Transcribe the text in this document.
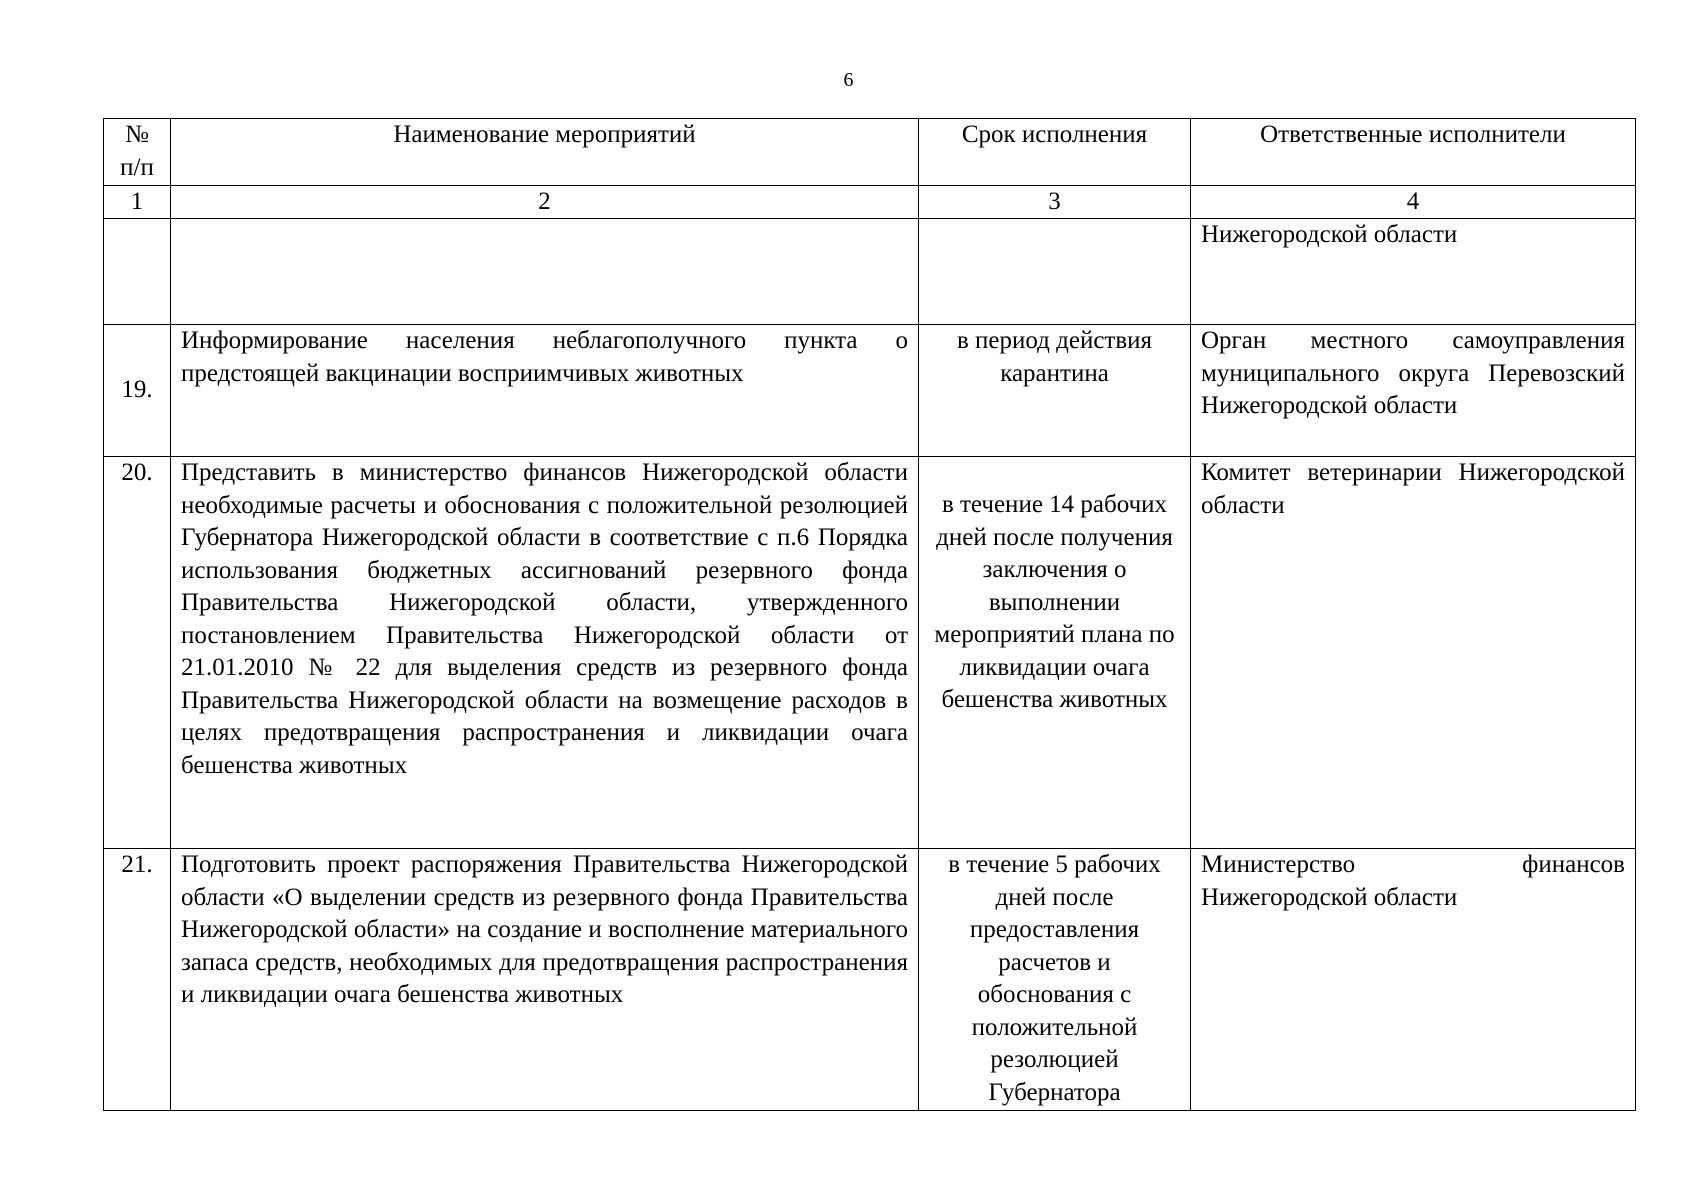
6
№ п/п	Наименование мероприятий	Срок исполнения	Ответственные исполнители
1	2	3	4
			Нижегородской области
19.	Информирование населения неблагополучного пункта о предстоящей вакцинации восприимчивых животных	в период действия карантина	Орган местного самоуправления муниципального округа Перевозский Нижегородской области
20.	Представить в министерство финансов Нижегородской области необходимые расчеты и обоснования с положительной резолюцией Губернатора Нижегородской области в соответствие с п.6 Порядка использования бюджетных ассигнований резервного фонда Правительства Нижегородской области, утвержденного постановлением Правительства Нижегородской области от 21.01.2010 № 22 для выделения средств из резервного фонда Правительства Нижегородской области на возмещение расходов в целях предотвращения распространения и ликвидации очага бешенства животных	в течение 14 рабочих дней после получения заключения о выполнении мероприятий плана по ликвидации очага бешенства животных	Комитет ветеринарии Нижегородской области
21.	Подготовить проект распоряжения Правительства Нижегородской области «О выделении средств из резервного фонда Правительства Нижегородской области» на создание и восполнение материального запаса средств, необходимых для предотвращения распространения и ликвидации очага бешенства животных	в течение 5 рабочих дней после предоставления расчетов и обоснования с положительной резолюцией Губернатора	Министерство финансов Нижегородской области
